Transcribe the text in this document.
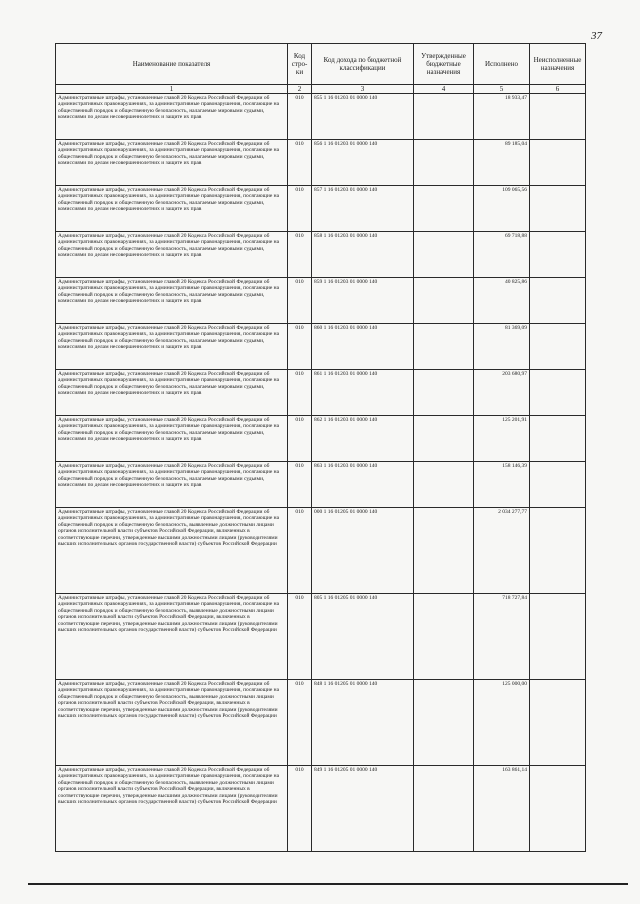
37
Наименование показателя	Код стро-ки	Код дохода по бюджетной классификации	Утвержденные бюджетные назначения	Исполнено	Неисполненные назначения
1	2	3	4	5	6
Административные штрафы, установленные главой 20 Кодекса Российской Федерации об административных правонарушениях, за административные правонарушения, посягающие на общественный порядок и общественную безопасность, налагаемые мировыми судьями, комиссиями по делам несовершеннолетних и защите их прав	010	855 1 16 01203 01 0000 140		18 933,47	
Административные штрафы, установленные главой 20 Кодекса Российской Федерации об административных правонарушениях, за административные правонарушения, посягающие на общественный порядок и общественную безопасность, налагаемые мировыми судьями, комиссиями по делам несовершеннолетних и защите их прав	010	856 1 16 01203 01 0000 140		89 185,04	
Административные штрафы, установленные главой 20 Кодекса Российской Федерации об административных правонарушениях, за административные правонарушения, посягающие на общественный порядок и общественную безопасность, налагаемые мировыми судьями, комиссиями по делам несовершеннолетних и защите их прав	010	857 1 16 01203 01 0000 140		109 065,56	
Административные штрафы, установленные главой 20 Кодекса Российской Федерации об административных правонарушениях, за административные правонарушения, посягающие на общественный порядок и общественную безопасность, налагаемые мировыми судьями, комиссиями по делам несовершеннолетних и защите их прав	010	858 1 16 01203 01 0000 140		69 718,88	
Административные штрафы, установленные главой 20 Кодекса Российской Федерации об административных правонарушениях, за административные правонарушения, посягающие на общественный порядок и общественную безопасность, налагаемые мировыми судьями, комиссиями по делам несовершеннолетних и защите их прав	010	859 1 16 01203 01 0000 140		40 825,86	
Административные штрафы, установленные главой 20 Кодекса Российской Федерации об административных правонарушениях, за административные правонарушения, посягающие на общественный порядок и общественную безопасность, налагаемые мировыми судьями, комиссиями по делам несовершеннолетних и защите их прав	010	860 1 16 01203 01 0000 140		81 369,09	
Административные штрафы, установленные главой 20 Кодекса Российской Федерации об административных правонарушениях, за административные правонарушения, посягающие на общественный порядок и общественную безопасность, налагаемые мировыми судьями, комиссиями по делам несовершеннолетних и защите их прав	010	861 1 16 01203 01 0000 140		203 680,97	
Административные штрафы, установленные главой 20 Кодекса Российской Федерации об административных правонарушениях, за административные правонарушения, посягающие на общественный порядок и общественную безопасность, налагаемые мировыми судьями, комиссиями по делам несовершеннолетних и защите их прав	010	862 1 16 01203 01 0000 140		125 201,91	
Административные штрафы, установленные главой 20 Кодекса Российской Федерации об административных правонарушениях, за административные правонарушения, посягающие на общественный порядок и общественную безопасность, налагаемые мировыми судьями, комиссиями по делам несовершеннолетних и защите их прав	010	863 1 16 01203 01 0000 140		158 146,39	
Административные штрафы, установленные главой 20 Кодекса Российской Федерации об административных правонарушениях, за административные правонарушения, посягающие на общественный порядок и общественную безопасность, выявленные должностными лицами органов исполнительной власти субъектов Российской Федерации, включенных в соответствующие перечни, утвержденные высшими должностными лицами (руководителями высших исполнительных органов государственной власти) субъектов Российской Федерации	010	000 1 16 01205 01 0000 140		2 034 277,77	
Административные штрафы, установленные главой 20 Кодекса Российской Федерации об административных правонарушениях, за административные правонарушения, посягающие на общественный порядок и общественную безопасность, выявленные должностными лицами органов исполнительной власти субъектов Российской Федерации, включенных в соответствующие перечни, утвержденные высшими должностными лицами (руководителями высших исполнительных органов государственной власти) субъектов Российской Федерации	010	805 1 16 01205 01 0000 140		718 727,84	
Административные штрафы, установленные главой 20 Кодекса Российской Федерации об административных правонарушениях, за административные правонарушения, посягающие на общественный порядок и общественную безопасность, выявленные должностными лицами органов исполнительной власти субъектов Российской Федерации, включенных в соответствующие перечни, утвержденные высшими должностными лицами (руководителями высших исполнительных органов государственной власти) субъектов Российской Федерации	010	848 1 16 01205 01 0000 140		125 000,00	
Административные штрафы, установленные главой 20 Кодекса Российской Федерации об административных правонарушениях, за административные правонарушения, посягающие на общественный порядок и общественную безопасность, выявленные должностными лицами органов исполнительной власти субъектов Российской Федерации, включенных в соответствующие перечни, утвержденные высшими должностными лицами (руководителями высших исполнительных органов государственной власти) субъектов Российской Федерации	010	849 1 16 01205 01 0000 140		163 861,14	
